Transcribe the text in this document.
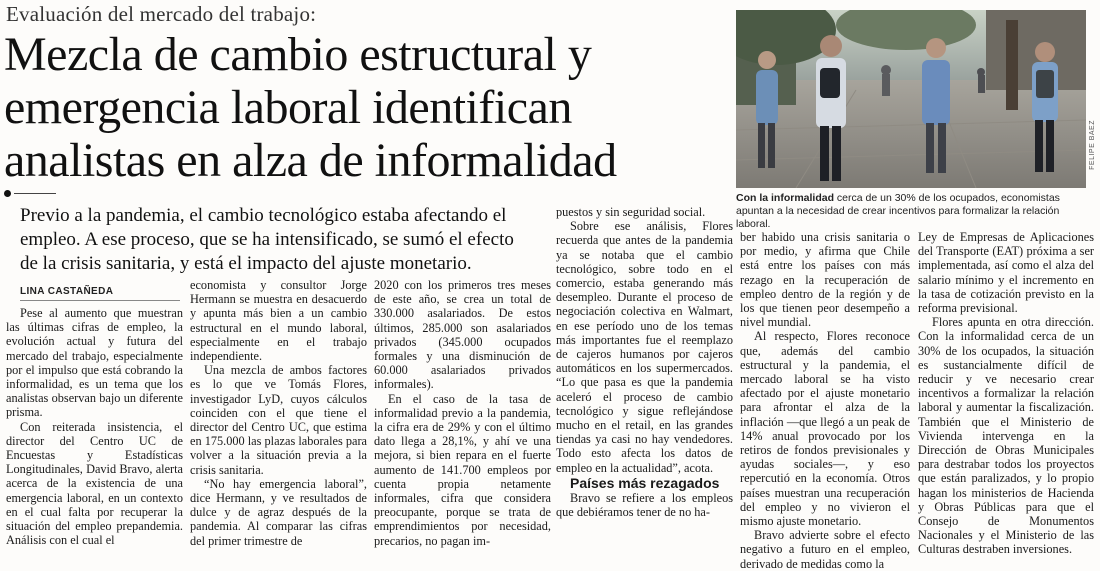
Evaluación del mercado del trabajo:
Mezcla de cambio estructural y emergencia laboral identifican analistas en alza de informalidad
Previo a la pandemia, el cambio tecnológico estaba afectando el empleo. A ese proceso, que se ha intensificado, se sumó el efecto de la crisis sanitaria, y está el impacto del ajuste monetario.
LINA CASTAÑEDA
FELIPE BAEZ
Con la informalidad cerca de un 30% de los ocupados, economistas apuntan a la necesidad de crear incentivos para formalizar la relación laboral.

Pese al aumento que muestran las últimas cifras de empleo, la evolución actual y futura del mercado del trabajo, especialmente por el impulso que está cobrando la informalidad, es un tema que los analistas observan bajo un diferente prisma.

Con reiterada insistencia, el director del Centro UC de Encuestas y Estadísticas Longitudinales, David Bravo, alerta acerca de la existencia de una emergencia laboral, en un contexto en el cual falta por recuperar la situación del empleo prepandemia. Análisis con el cual el

economista y consultor Jorge Hermann se muestra en desacuerdo y apunta más bien a un cambio estructural en el mundo laboral, especialmente en el trabajo independiente.

Una mezcla de ambos factores es lo que ve Tomás Flores, investigador LyD, cuyos cálculos coinciden con el que tiene el director del Centro UC, que estima en 175.000 las plazas laborales para volver a la situación previa a la crisis sanitaria.

“No hay emergencia laboral”, dice Hermann, y ve resultados de dulce y de agraz después de la pandemia. Al comparar las cifras del primer trimestre de

2020 con los primeros tres meses de este año, se crea un total de 330.000 asalariados. De estos últimos, 285.000 son asalariados privados (345.000 ocupados formales y una disminución de 60.000 asalariados privados informales).

En el caso de la tasa de informalidad previo a la pandemia, la cifra era de 29% y con el último dato llega a 28,1%, y ahí ve una mejora, si bien repara en el fuerte aumento de 141.700 empleos por cuenta propia netamente informales, cifra que considera preocupante, porque se trata de emprendimientos por necesidad, precarios, no pagan im-

puestos y sin seguridad social.

Sobre ese análisis, Flores recuerda que antes de la pandemia ya se notaba que el cambio tecnológico, sobre todo en el comercio, estaba generando más desempleo. Durante el proceso de negociación colectiva en Walmart, en ese período uno de los temas más importantes fue el reemplazo de cajeros humanos por cajeros automáticos en los supermercados. “Lo que pasa es que la pandemia aceleró el proceso de cambio tecnológico y sigue reflejándose mucho en el retail, en las grandes tiendas ya casi no hay vendedores. Todo esto afecta los datos de empleo en la actualidad”, acota.

Países más rezagados

Bravo se refiere a los empleos que debiéramos tener de no ha-

ber habido una crisis sanitaria o por medio, y afirma que Chile está entre los países con más rezago en la recuperación de empleo dentro de la región y de los que tienen peor desempeño a nivel mundial.

Al respecto, Flores reconoce que, además del cambio estructural y la pandemia, el mercado laboral se ha visto afectado por el ajuste monetario para afrontar el alza de la inflación —que llegó a un peak de 14% anual provocado por los retiros de fondos previsionales y ayudas sociales—, y eso repercutió en la economía. Otros países muestran una recuperación del empleo y no vivieron el mismo ajuste monetario.

Bravo advierte sobre el efecto negativo a futuro en el empleo, derivado de medidas como la

Ley de Empresas de Aplicaciones del Transporte (EAT) próxima a ser implementada, así como el alza del salario mínimo y el incremento en la tasa de cotización previsto en la reforma previsional.

Flores apunta en otra dirección. Con la informalidad cerca de un 30% de los ocupados, la situación es sustancialmente difícil de reducir y ve necesario crear incentivos a formalizar la relación laboral y aumentar la fiscalización. También que el Ministerio de Vivienda intervenga en la Dirección de Obras Municipales para destrabar todos los proyectos que están paralizados, y lo propio hagan los ministerios de Hacienda y Obras Públicas para que el Consejo de Monumentos Nacionales y el Ministerio de las Culturas destraben inversiones.
